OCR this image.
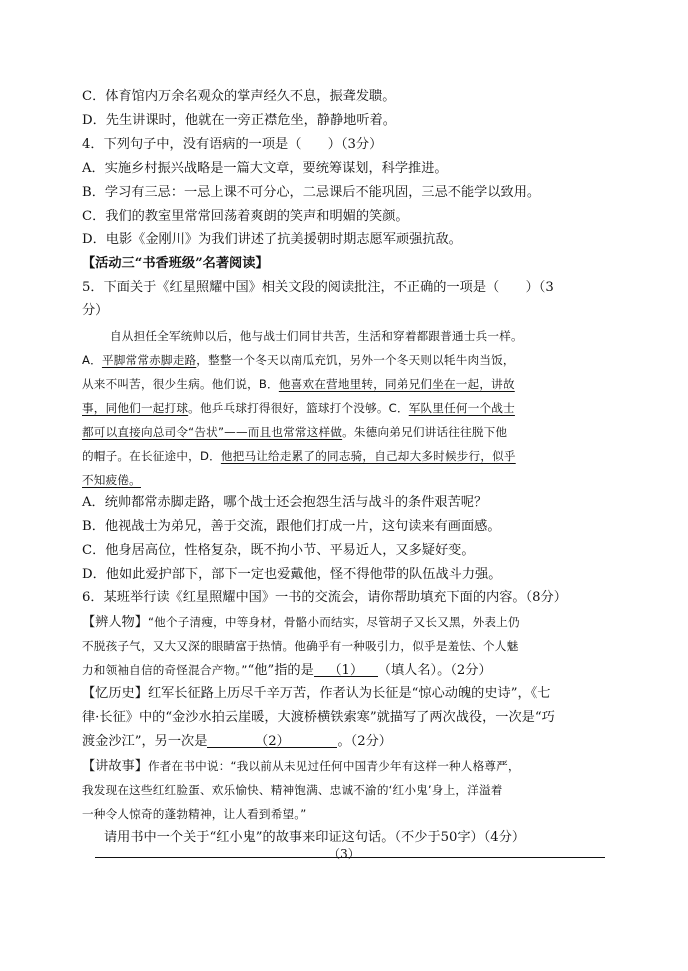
C．体育馆内万余名观众的掌声经久不息，振聋发聩。
D．先生讲课时，他就在一旁正襟危坐，静静地听着。
4．下列句子中，没有语病的一项是（　　）（3分）
A．实施乡村振兴战略是一篇大文章，要统筹谋划，科学推进。
B．学习有三忌：一忌上课不可分心，二忌课后不能巩固，三忌不能学以致用。
C．我们的教室里常常回荡着爽朗的笑声和明媚的笑颜。
D．电影《金刚川》为我们讲述了抗美援朝时期志愿军顽强抗敌。
【活动三“书香班级”名著阅读】
5．下面关于《红星照耀中国》相关文段的阅读批注，不正确的一项是（　　）（3
分）
自从担任全军统帅以后，他与战士们同甘共苦，生活和穿着都跟普通士兵一样。
A．平脚常常赤脚走路，整整一个冬天以南瓜充饥，另外一个冬天则以牦牛肉当饭，
从来不叫苦，很少生病。他们说，B．他喜欢在营地里转，同弟兄们坐在一起，讲故
事，同他们一起打球。他乒乓球打得很好，篮球打个没够。C．军队里任何一个战士
都可以直接向总司令“告状”——而且也常常这样做。朱德向弟兄们讲话往往脱下他
的帽子。在长征途中，D．他把马让给走累了的同志骑，自己却大多时候步行，似乎
不知疲倦。
A．统帅都常赤脚走路，哪个战士还会抱怨生活与战斗的条件艰苦呢？
B．他视战士为弟兄，善于交流，跟他们打成一片，这句读来有画面感。
C．他身居高位，性格复杂，既不拘小节、平易近人，又多疑好变。
D．他如此爱护部下，部下一定也爱戴他，怪不得他带的队伍战斗力强。
6．某班举行读《红星照耀中国》一书的交流会，请你帮助填充下面的内容。（8分）
【辨人物】“他个子清瘦，中等身材，骨骼小而结实，尽管胡子又长又黑，外表上仍
不脱孩子气，又大又深的眼睛富于热情。他确乎有一种吸引力，似乎是羞怯、个人魅
力和领袖自信的奇怪混合产物。”“他”指的是 （1） （填人名）。（2分）
【忆历史】红军长征路上历尽千辛万苦，作者认为长征是“惊心动魄的史诗”，《七
律·长征》中的“金沙水拍云崖暖，大渡桥横铁索寒”就描写了两次战役，一次是“巧
渡金沙江”，另一次是	（2）	。（2分）
【讲故事】作者在书中说：“我以前从未见过任何中国青少年有这样一种人格尊严，
我发现在这些红红脸蛋、欢乐愉快、精神饱满、忠诚不渝的‘红小鬼’身上，洋溢着
一种令人惊奇的蓬勃精神，让人看到希望。”
请用书中一个关于“红小鬼”的故事来印证这句话。（不少于50字）（4分）
（3）
